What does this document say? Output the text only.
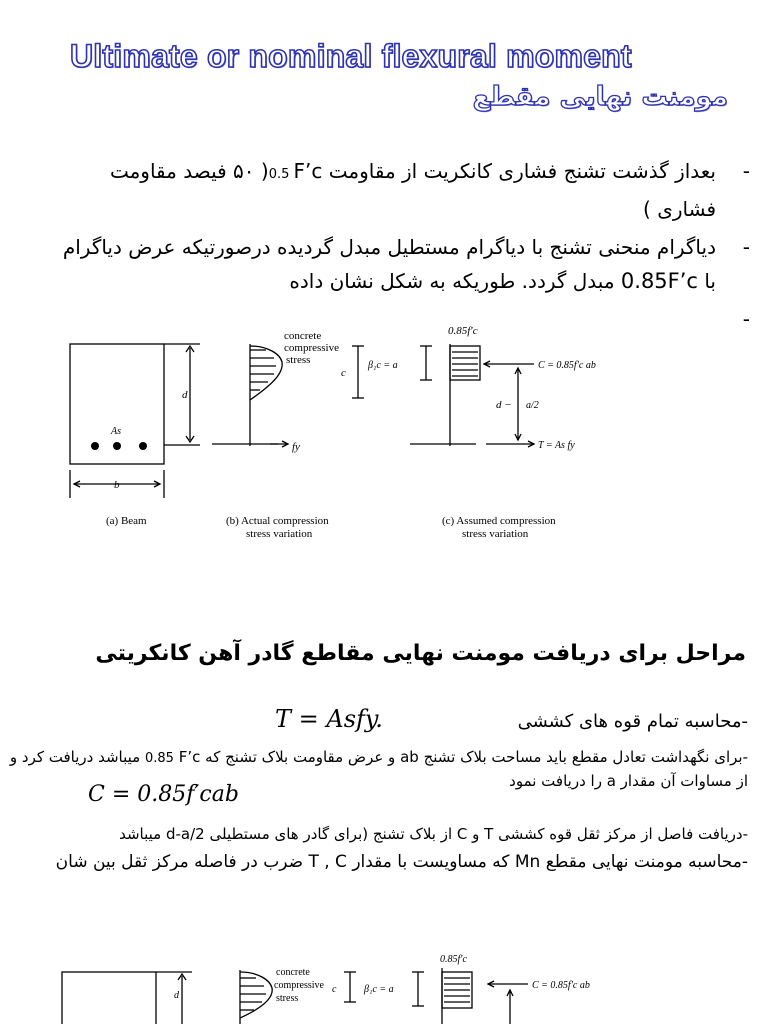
Ultimate or nominal flexural moment
مومنت نهایی مقطع
-
بعداز گذشت تشنج فشاری کانکریت از مقاومت 0.5 F’c( ۵۰ فیصد مقاومت فشاری )
-
دیاگرام منحنی تشنج با دیاگرام مستطیل مبدل گردیده درصورتیکه عرض دیاگرام با 0.85F’c مبدل گردد. طوریکه به شکل نشان داده
-
d
b
As
concrete
compressive
stress
c
fy
0.85f′c
β₁c = a	C = 0.85f′c ab
d − a/2
T = As fy
(a) Beam	(b) Actual compression
stress variation
(c) Assumed compression
stress variation
مراحل برای دریافت مومنت نهایی مقاطع گادر آهن کانکریتی
-محاسبه تمام قوه های کششی
T = Asfy.
-برای نگهداشت تعادل مقطع باید مساحت بلاک تشنج ab و عرض مقاومت بلاک تشنج که 0.85 F’c میباشد دریافت کرد و از مساوات آن مقدار a را دریافت نمود
C = 0.85f′cab
-دریافت فاصل از مرکز ثقل قوه کششی T و C از بلاک تشنج (برای گادر های مستطیلی d-a/2 میباشد
-محاسبه مومنت نهایی مقطع Mn که مساویست با مقدار T , C ضرب در فاصله مرکز ثقل بین شان
d
concrete
compressive
stress
c
0.85f′c
β₁c = a	C = 0.85f′c ab
